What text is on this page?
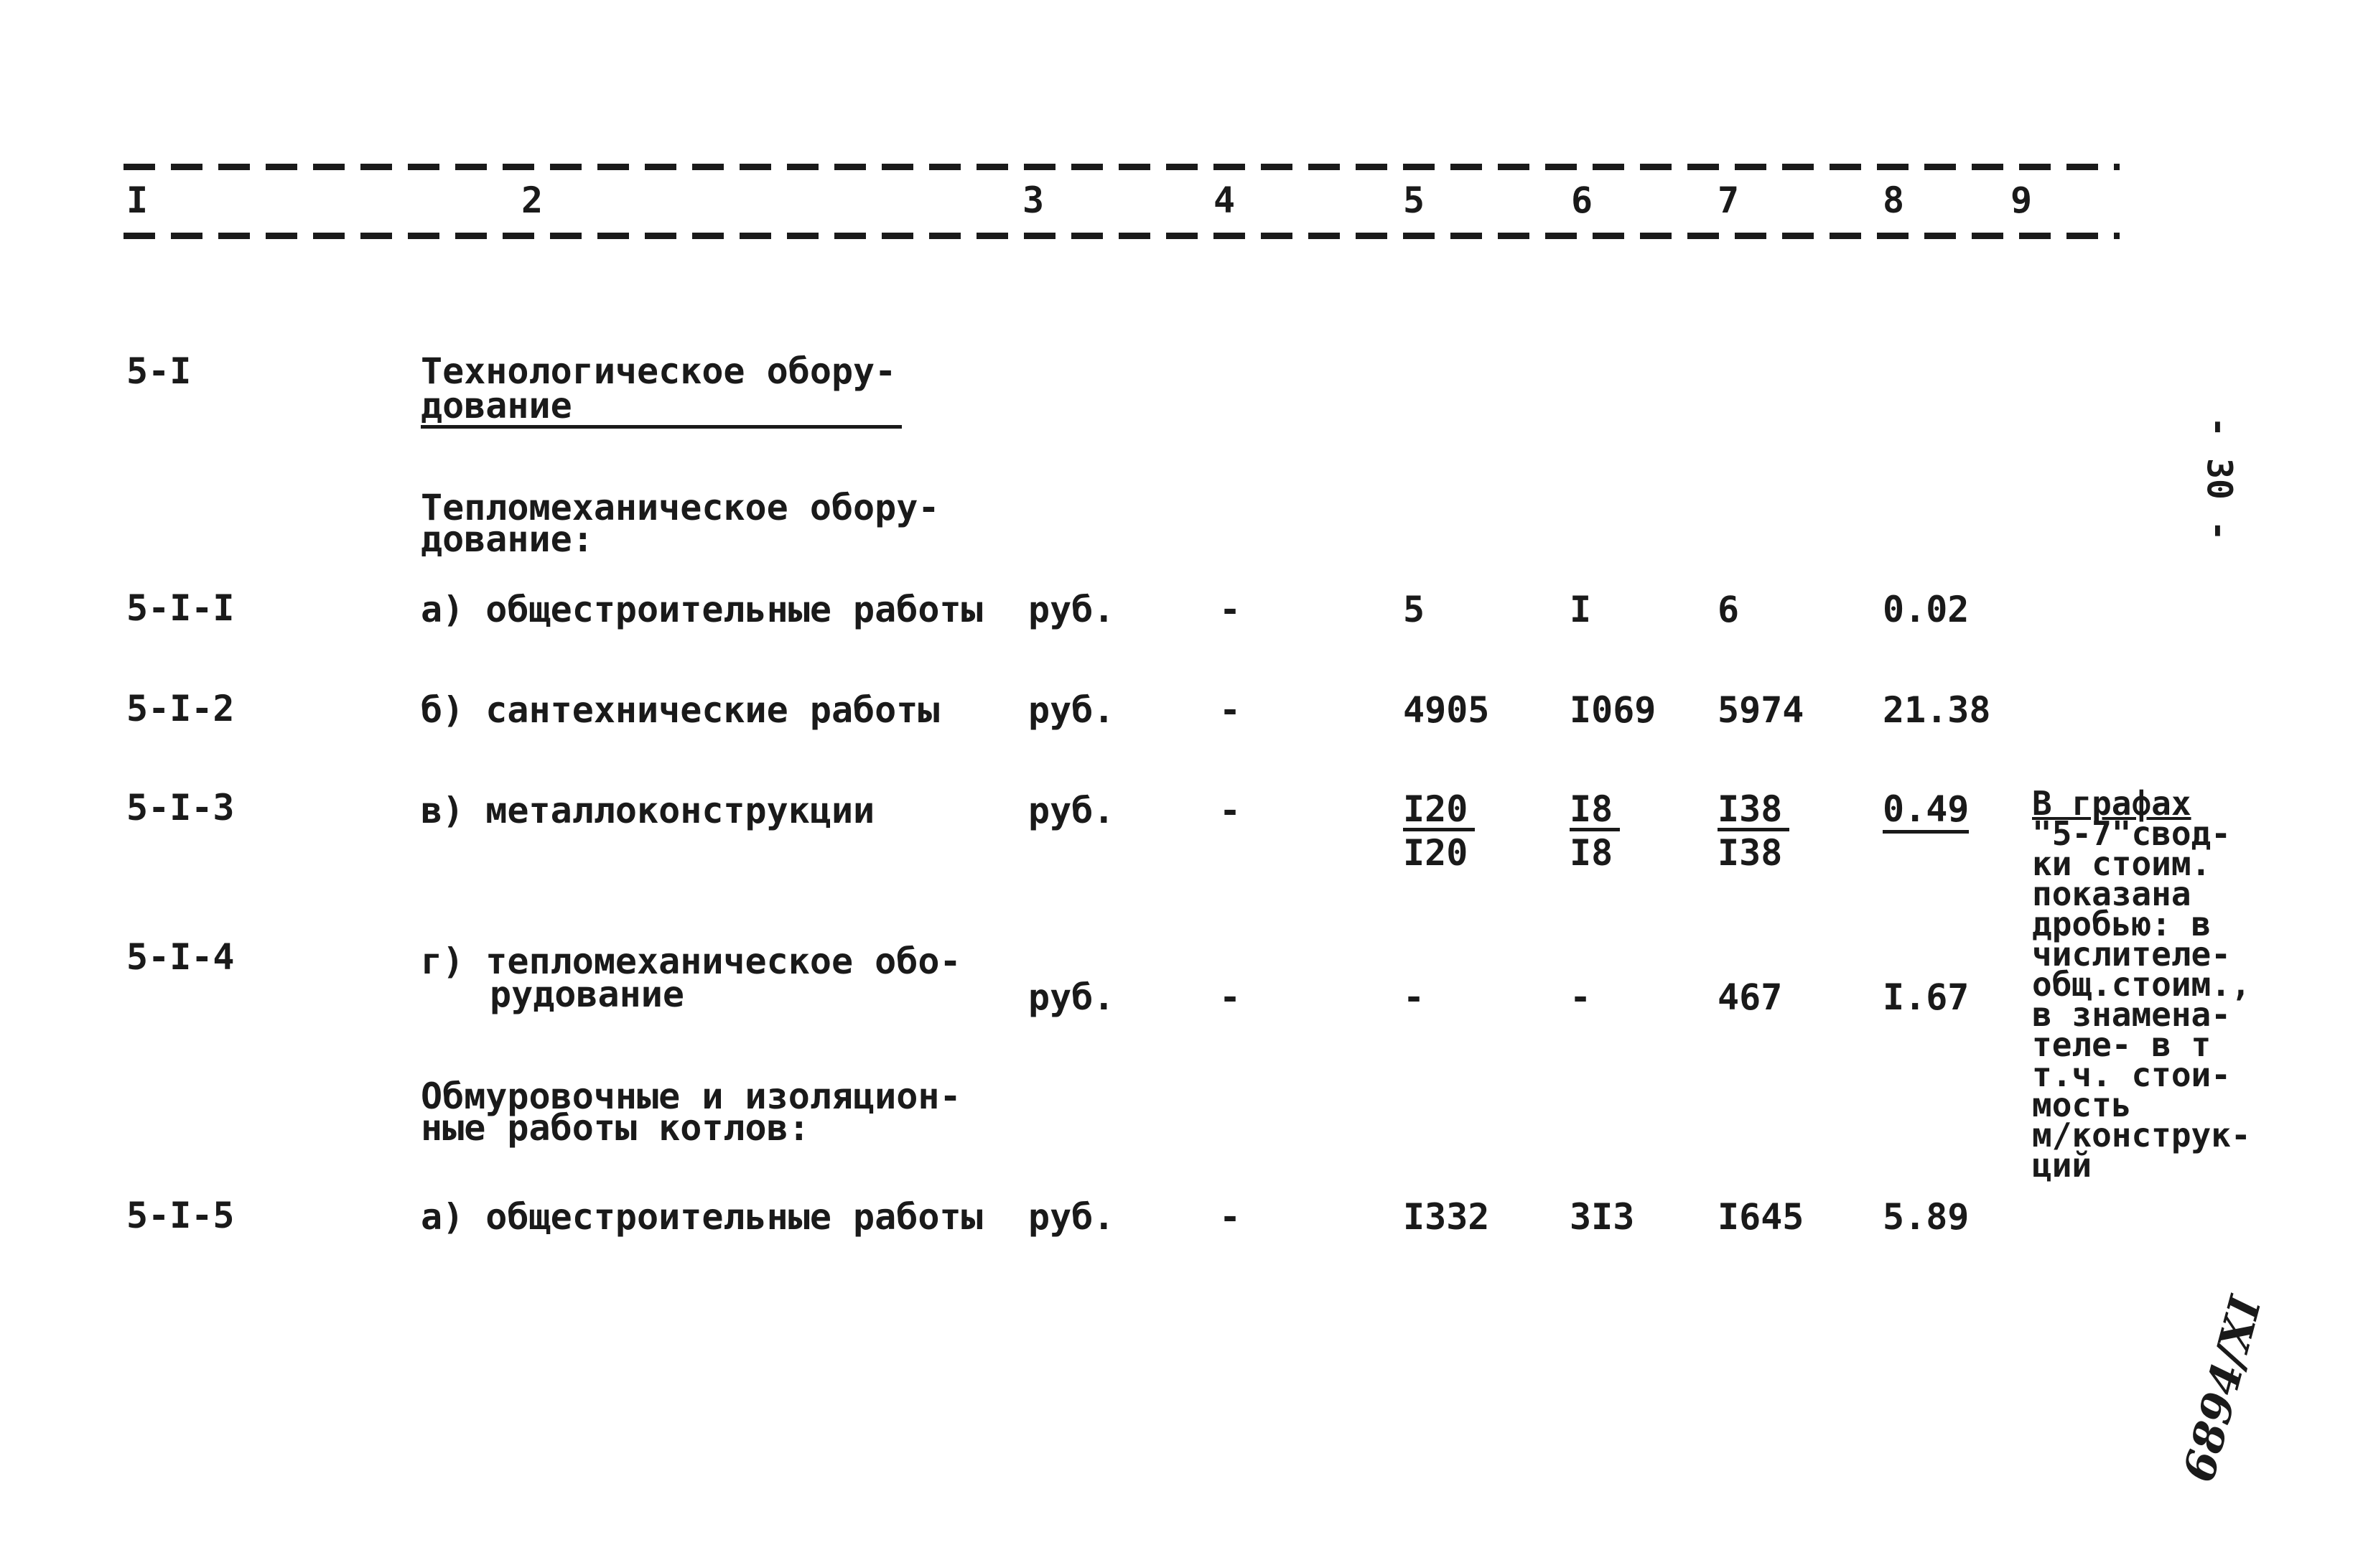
I	2	3	4	5	6	7	8	9
5-I	Технологическое обору-
дование
Тепломеханическое обору-
дование:
5-I-I	а) общестроительные работы руб.	-	5	I	6	0.02
5-I-2	б) сантехнические работы руб.	-	4905 I069 5974 21.38
5-I-3	в) металлоконструкции	руб.	-	$\frac{I20}{I20}$	$\frac{I8}{I8}$	$\frac{I38}{I38}$	0.49
5-I-4	г) тепломеханическое обо-
рудование	руб.	-	-	-	467	I.67
Обмуровочные и изоляцион-
ные работы котлов:
5-I-5	а) общестроительные работы руб.	-	I332 3I3 I645 5.89
В графах
"5-7"свод-
ки стоим.
показана
дробью: в
числителе-
общ.стоим.,
в знамена-
теле- в т
т.ч. стои-
мость
м/конструк-
ций
- 30 -
6894/XI
